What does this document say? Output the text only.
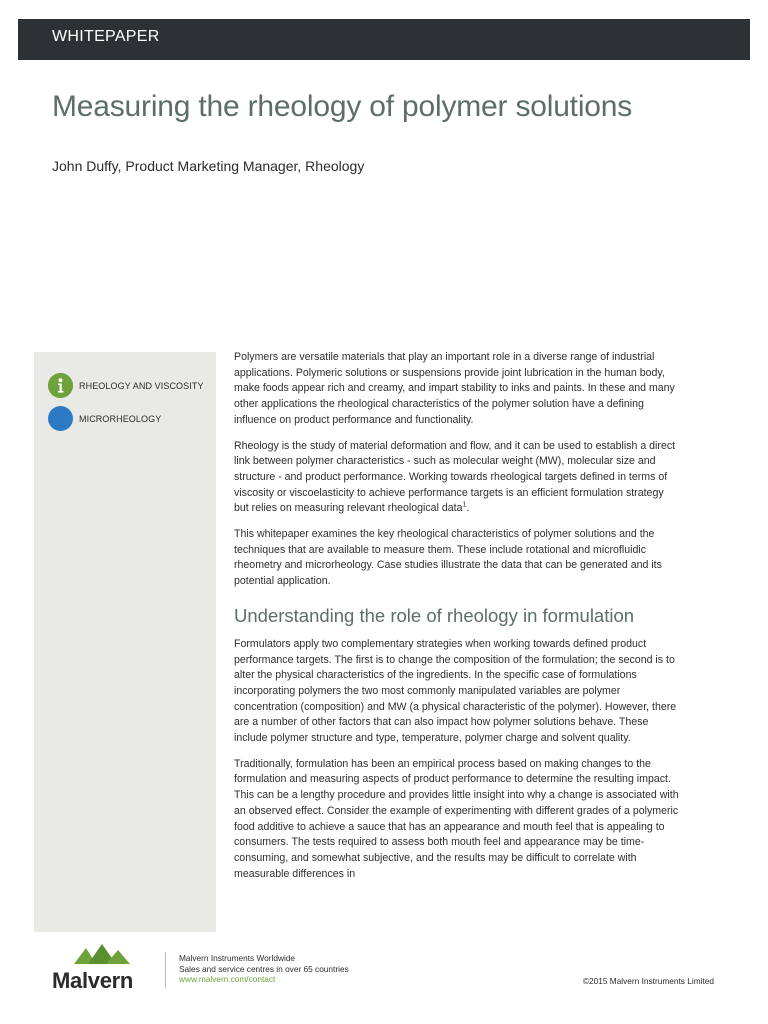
WHITEPAPER
Measuring the rheology of polymer solutions
John Duffy, Product Marketing Manager, Rheology
RHEOLOGY AND VISCOSITY
MICRORHEOLOGY

Polymers are versatile materials that play an important role in a diverse range of industrial applications. Polymeric solutions or suspensions provide joint lubrication in the human body, make foods appear rich and creamy, and impart stability to inks and paints. In these and many other applications the rheological characteristics of the polymer solution have a defining influence on product performance and functionality.

Rheology is the study of material deformation and flow, and it can be used to establish a direct link between polymer characteristics - such as molecular weight (MW), molecular size and structure - and product performance. Working towards rheological targets defined in terms of viscosity or viscoelasticity to achieve performance targets is an efficient formulation strategy but relies on measuring relevant rheological data$^1$.

This whitepaper examines the key rheological characteristics of polymer solutions and the techniques that are available to measure them. These include rotational and microfluidic rheometry and microrheology. Case studies illustrate the data that can be generated and its potential application.

Understanding the role of rheology in formulation

Formulators apply two complementary strategies when working towards defined product performance targets. The first is to change the composition of the formulation; the second is to alter the physical characteristics of the ingredients. In the specific case of formulations incorporating polymers the two most commonly manipulated variables are polymer concentration (composition) and MW (a physical characteristic of the polymer). However, there are a number of other factors that can also impact how polymer solutions behave. These include polymer structure and type, temperature, polymer charge and solvent quality.

Traditionally, formulation has been an empirical process based on making changes to the formulation and measuring aspects of product performance to determine the resulting impact. This can be a lengthy procedure and provides little insight into why a change is associated with an observed effect. Consider the example of experimenting with different grades of a polymeric food additive to achieve a sauce that has an appearance and mouth feel that is appealing to consumers. The tests required to assess both mouth feel and appearance may be time-consuming, and somewhat subjective, and the results may be difficult to correlate with measurable differences in

Malvern
Malvern Instruments Worldwide
Sales and service centres in over 65 countries
www.malvern.com/contact	©2015 Malvern Instruments Limited
